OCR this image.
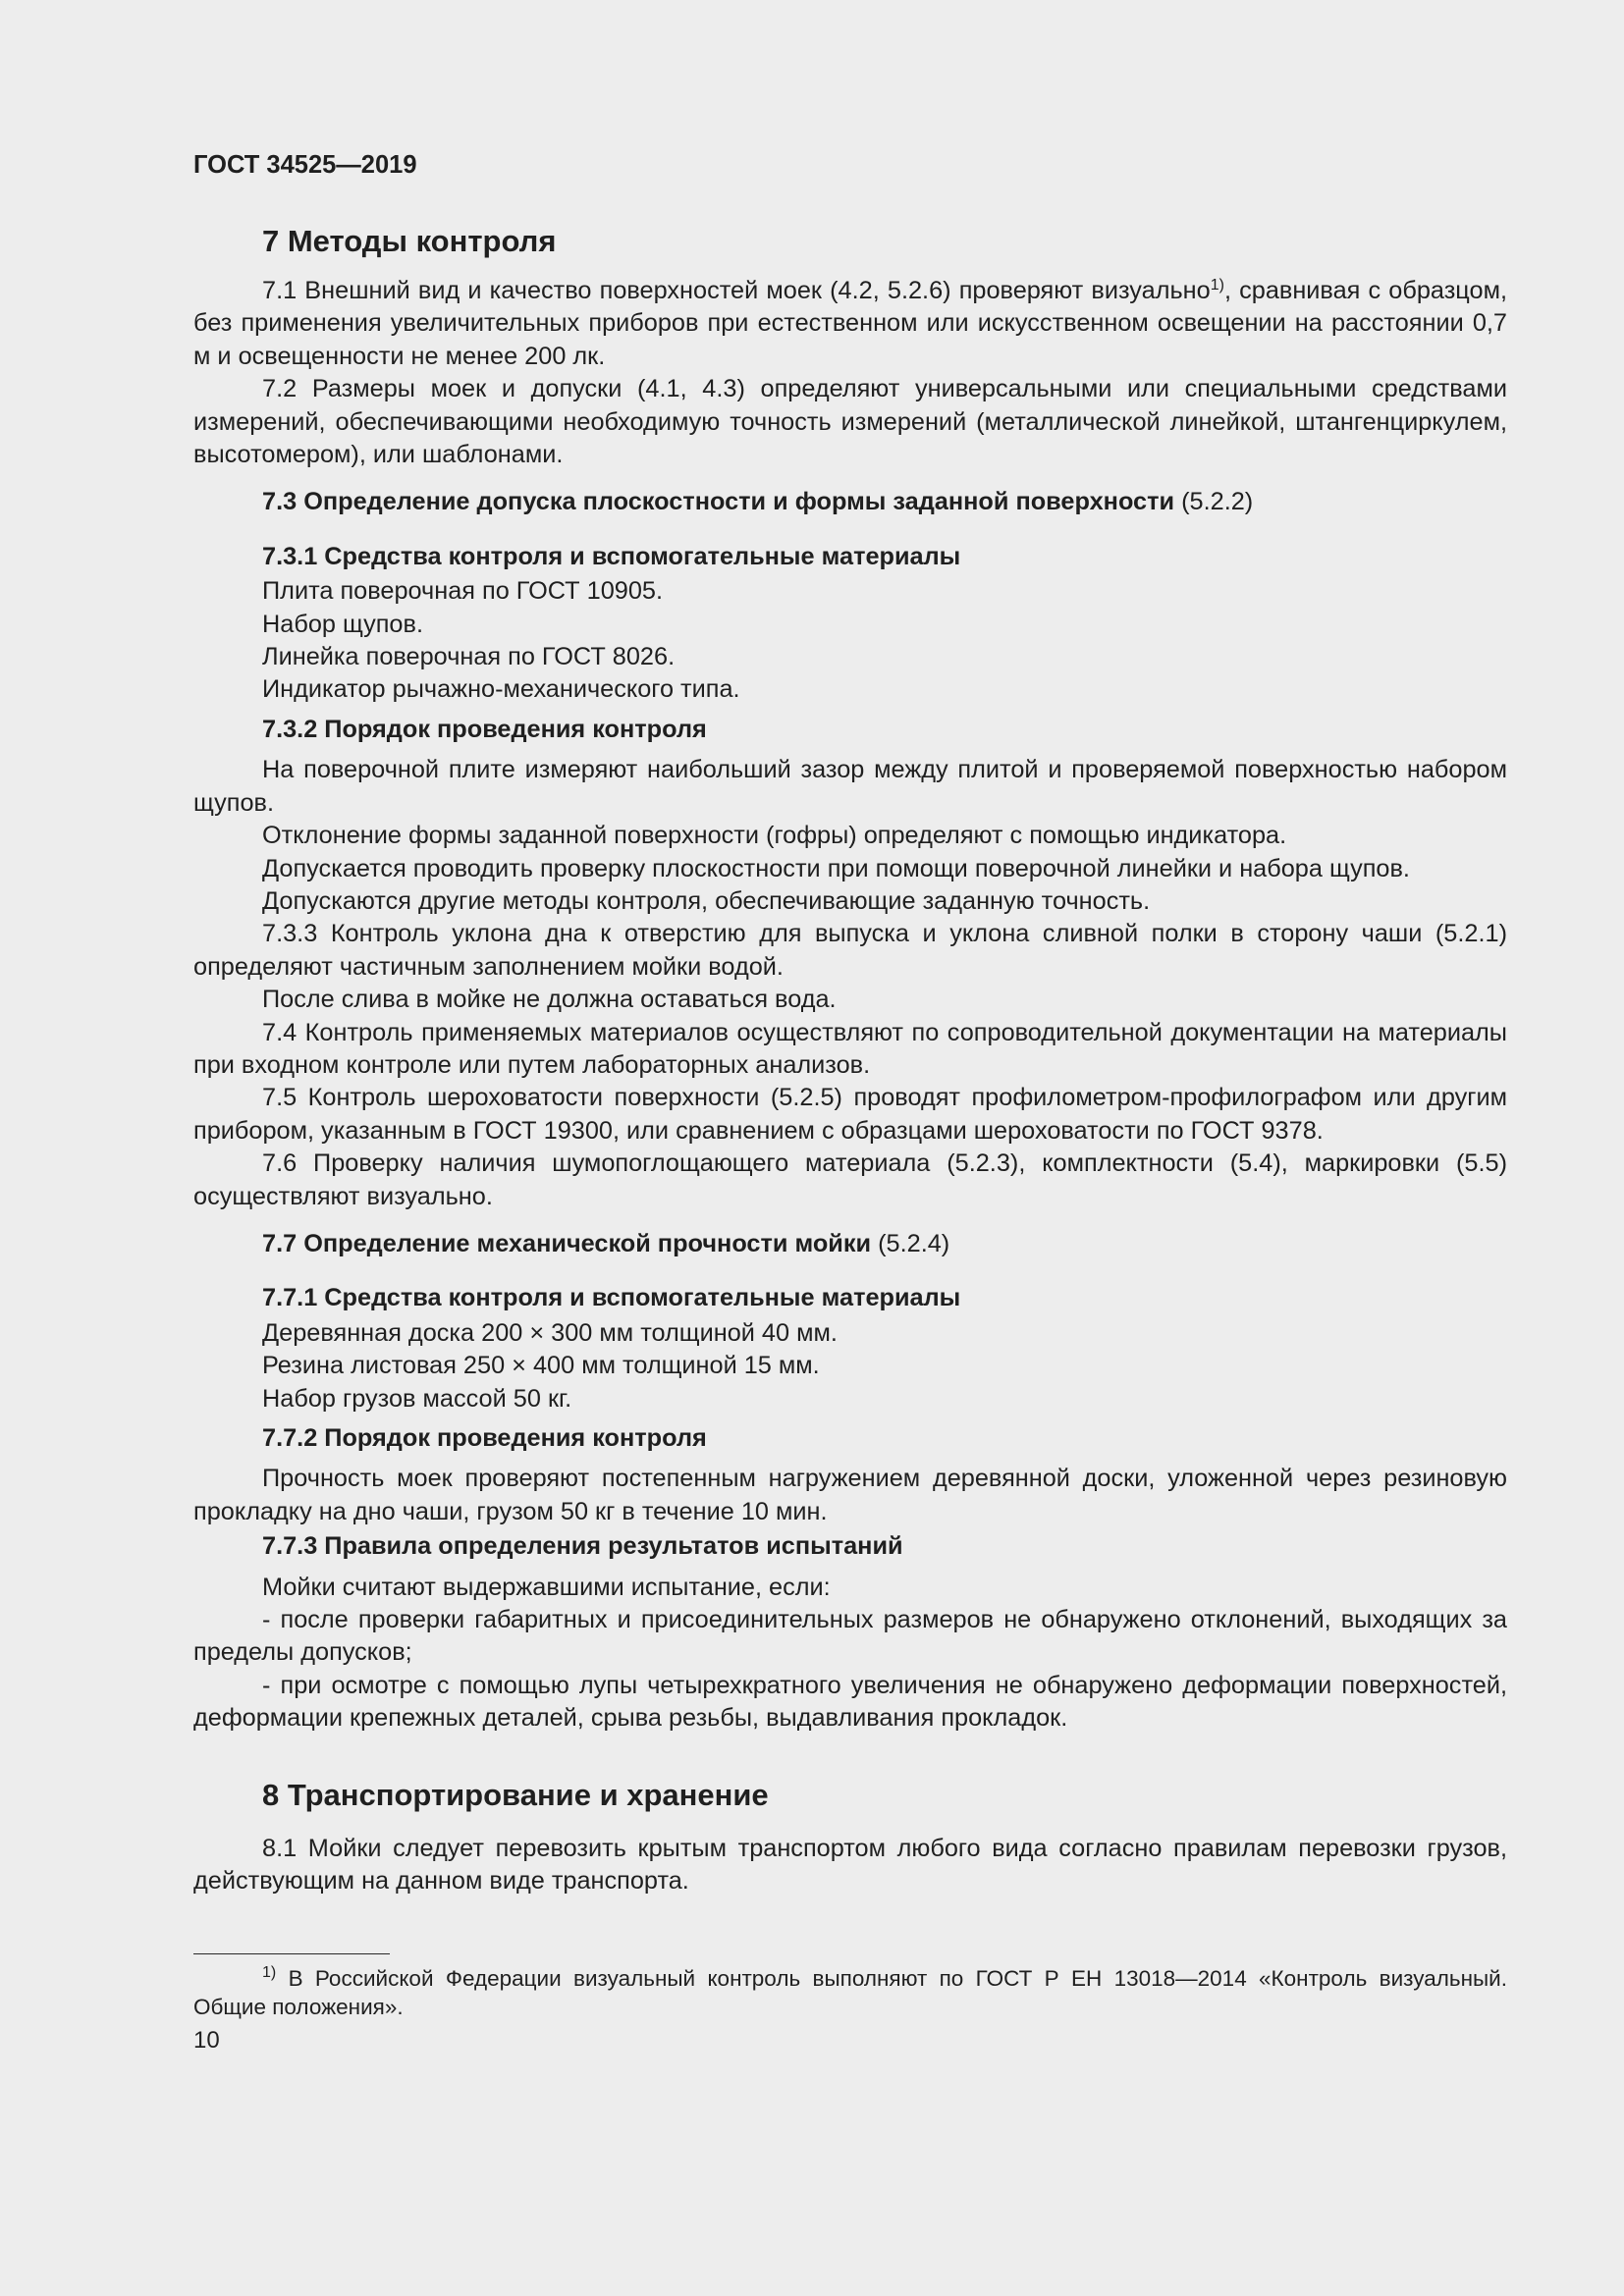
ГОСТ 34525—2019
7 Методы контроля

7.1 Внешний вид и качество поверхностей моек (4.2, 5.2.6) проверяют визуально$^{1)}$, сравнивая с образцом, без применения увеличительных приборов при естественном или искусственном освещении на расстоянии 0,7 м и освещенности не менее 200 лк.

7.2 Размеры моек и допуски (4.1, 4.3) определяют универсальными или специальными средствами измерений, обеспечивающими необходимую точность измерений (металлической линейкой, штангенциркулем, высотомером), или шаблонами.

7.3 Определение допуска плоскостности и формы заданной поверхности (5.2.2)

7.3.1 Средства контроля и вспомогательные материалы

Плита поверочная по ГОСТ 10905.

Набор щупов.

Линейка поверочная по ГОСТ 8026.

Индикатор рычажно-механического типа.

7.3.2 Порядок проведения контроля

На поверочной плите измеряют наибольший зазор между плитой и проверяемой поверхностью набором щупов.

Отклонение формы заданной поверхности (гофры) определяют с помощью индикатора.

Допускается проводить проверку плоскостности при помощи поверочной линейки и набора щупов.

Допускаются другие методы контроля, обеспечивающие заданную точность.

7.3.3 Контроль уклона дна к отверстию для выпуска и уклона сливной полки в сторону чаши (5.2.1) определяют частичным заполнением мойки водой.

После слива в мойке не должна оставаться вода.

7.4 Контроль применяемых материалов осуществляют по сопроводительной документации на материалы при входном контроле или путем лабораторных анализов.

7.5 Контроль шероховатости поверхности (5.2.5) проводят профилометром-профилографом или другим прибором, указанным в ГОСТ 19300, или сравнением с образцами шероховатости по ГОСТ 9378.

7.6 Проверку наличия шумопоглощающего материала (5.2.3), комплектности (5.4), маркировки (5.5) осуществляют визуально.

7.7 Определение механической прочности мойки (5.2.4)

7.7.1 Средства контроля и вспомогательные материалы

Деревянная доска 200 × 300 мм толщиной 40 мм.

Резина листовая 250 × 400 мм толщиной 15 мм.

Набор грузов массой 50 кг.

7.7.2 Порядок проведения контроля

Прочность моек проверяют постепенным нагружением деревянной доски, уложенной через резиновую прокладку на дно чаши, грузом 50 кг в течение 10 мин.

7.7.3 Правила определения результатов испытаний

Мойки считают выдержавшими испытание, если:

- после проверки габаритных и присоединительных размеров не обнаружено отклонений, выходящих за пределы допусков;

- при осмотре с помощью лупы четырехкратного увеличения не обнаружено деформации поверхностей, деформации крепежных деталей, срыва резьбы, выдавливания прокладок.

8 Транспортирование и хранение

8.1 Мойки следует перевозить крытым транспортом любого вида согласно правилам перевозки грузов, действующим на данном виде транспорта.

$^{1)}$ В Российской Федерации визуальный контроль выполняют по ГОСТ Р ЕН 13018—2014 «Контроль визуальный. Общие положения».

10
